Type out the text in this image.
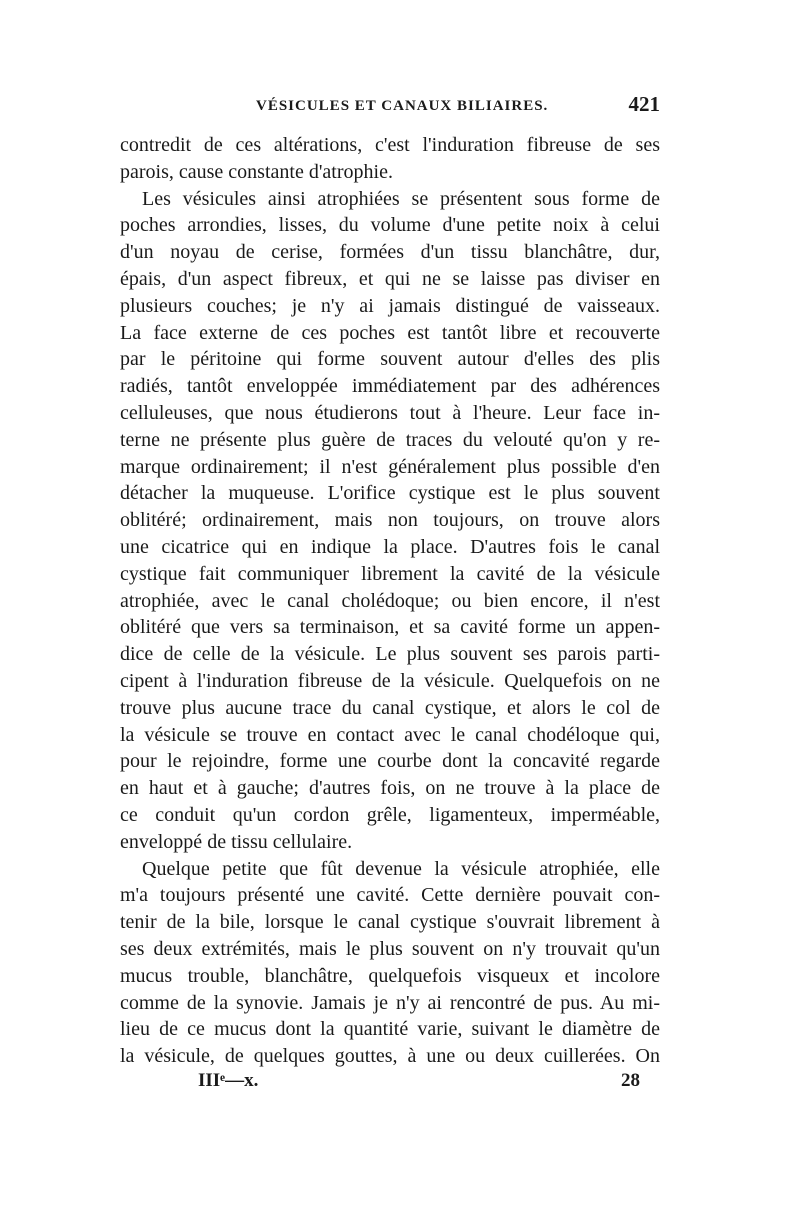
VÉSICULES ET CANAUX BILIAIRES.	421
contredit de ces altérations, c'est l'induration fibreuse de ses
parois, cause constante d'atrophie.
Les vésicules ainsi atrophiées se présentent sous forme de
poches arrondies, lisses, du volume d'une petite noix à celui
d'un noyau de cerise, formées d'un tissu blanchâtre, dur,
épais, d'un aspect fibreux, et qui ne se laisse pas diviser en
plusieurs couches; je n'y ai jamais distingué de vaisseaux.
La face externe de ces poches est tantôt libre et recouverte
par le péritoine qui forme souvent autour d'elles des plis
radiés, tantôt enveloppée immédiatement par des adhérences
celluleuses, que nous étudierons tout à l'heure. Leur face in-
terne ne présente plus guère de traces du velouté qu'on y re-
marque ordinairement; il n'est généralement plus possible d'en
détacher la muqueuse. L'orifice cystique est le plus souvent
oblitéré; ordinairement, mais non toujours, on trouve alors
une cicatrice qui en indique la place. D'autres fois le canal
cystique fait communiquer librement la cavité de la vésicule
atrophiée, avec le canal cholédoque; ou bien encore, il n'est
oblitéré que vers sa terminaison, et sa cavité forme un appen-
dice de celle de la vésicule. Le plus souvent ses parois parti-
cipent à l'induration fibreuse de la vésicule. Quelquefois on ne
trouve plus aucune trace du canal cystique, et alors le col de
la vésicule se trouve en contact avec le canal chodéloque qui,
pour le rejoindre, forme une courbe dont la concavité regarde
en haut et à gauche; d'autres fois, on ne trouve à la place de
ce conduit qu'un cordon grêle, ligamenteux, imperméable,
enveloppé de tissu cellulaire.
Quelque petite que fût devenue la vésicule atrophiée, elle
m'a toujours présenté une cavité. Cette dernière pouvait con-
tenir de la bile, lorsque le canal cystique s'ouvrait librement à
ses deux extrémités, mais le plus souvent on n'y trouvait qu'un
mucus trouble, blanchâtre, quelquefois visqueux et incolore
comme de la synovie. Jamais je n'y ai rencontré de pus. Au mi-
lieu de ce mucus dont la quantité varie, suivant le diamètre de
la vésicule, de quelques gouttes, à une ou deux cuillerées. On
IIIᵉ—x.	28
